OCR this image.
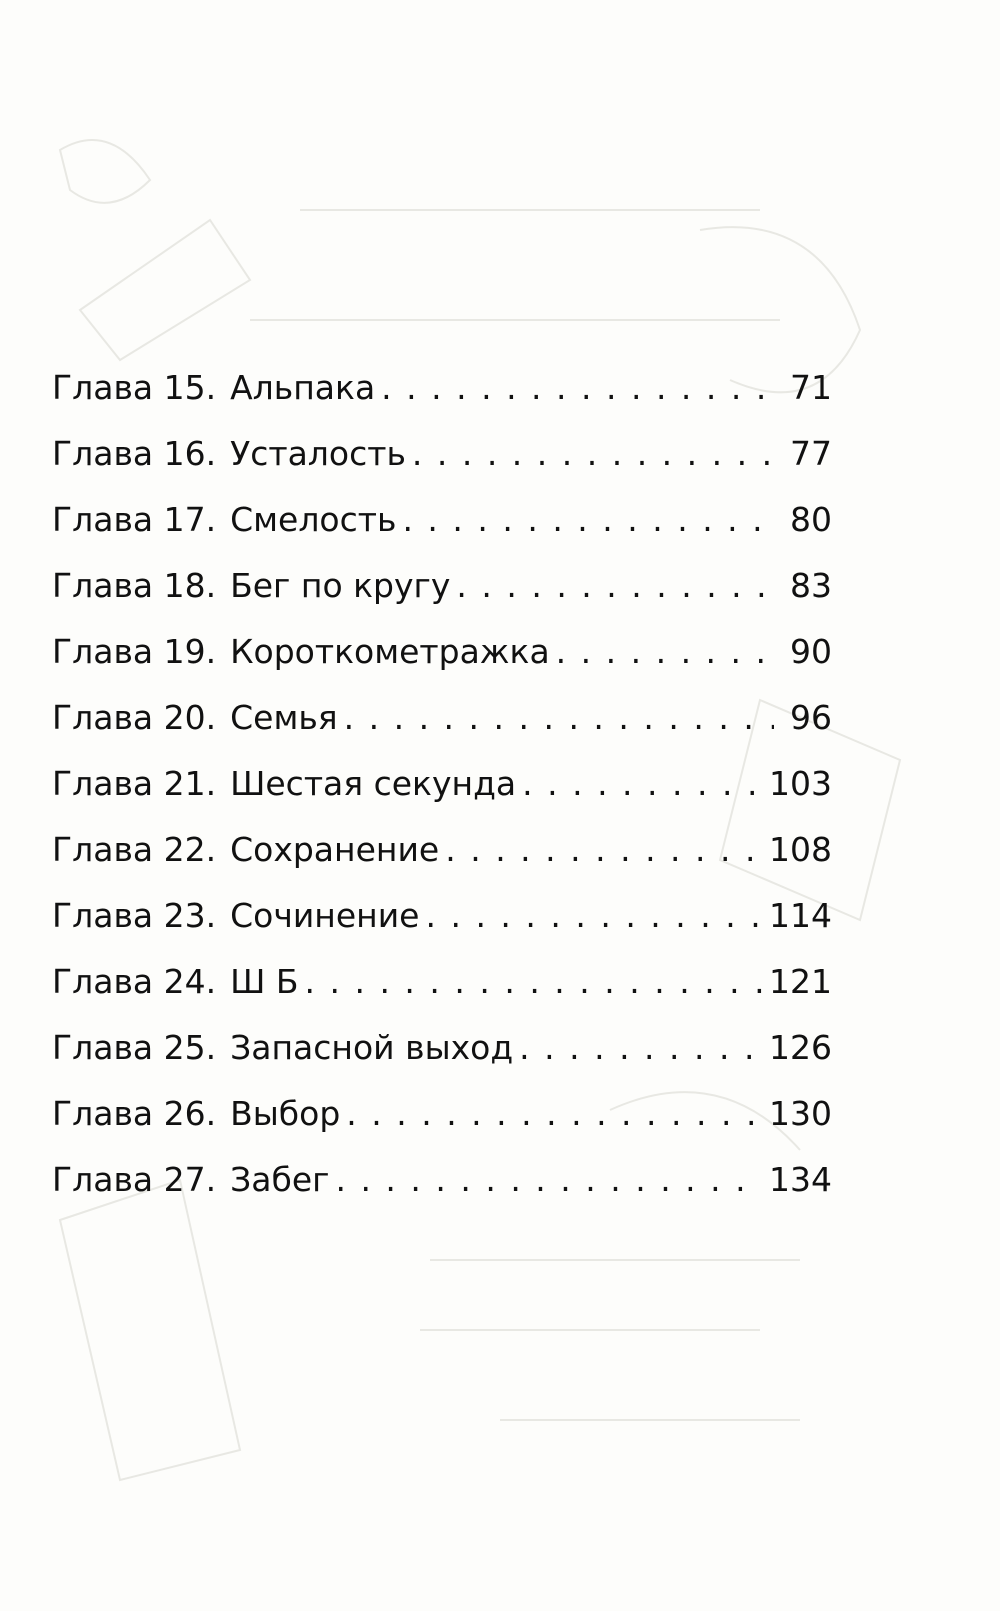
Глава 15. Альпака . . .	71
Глава 16. Усталость . . .	77
Глава 17. Смелость . . .	80
Глава 18. Бег по кругу . . .	83
Глава 19. Короткометражка . . .	90
Глава 20. Семья . . .	96
Глава 21. Шестая секунда . . .	103
Глава 22. Сохранение . . .	108
Глава 23. Сочинение . . .	114
Глава 24. Ш Б . . .	121
Глава 25. Запасной выход . . .	126
Глава 26. Выбор . . .	130
Глава 27. Забег . . .	134
